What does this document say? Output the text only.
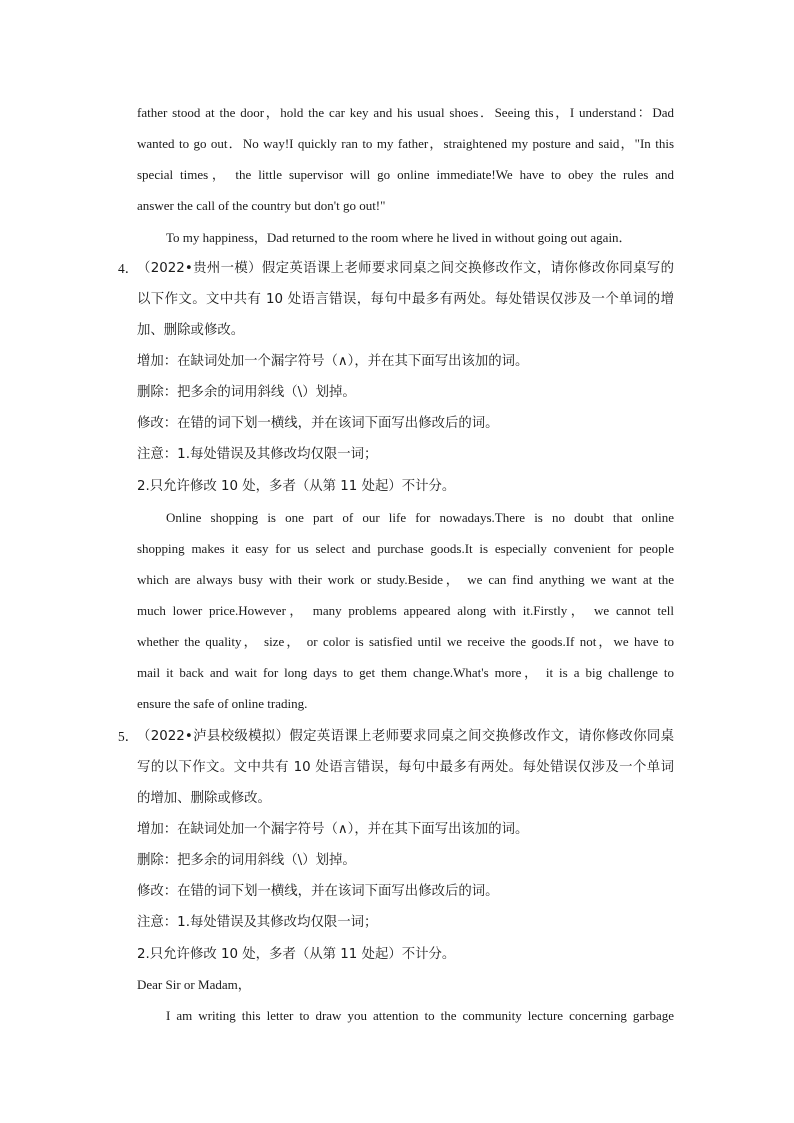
father stood at the door，hold the car key and his usual shoes．Seeing this，I understand：Dad
wanted to go out．No way!I quickly ran to my father，straightened my posture and said，"In this
special times， the little supervisor will go online immediate!We have to obey the rules and
answer the call of the country but don't go out!"
To my happiness，Dad returned to the room where he lived in without going out again．
4．
（2022•贵州一模）假定英语课上老师要求同桌之间交换修改作文，请你修改你同桌写的
以下作文。文中共有 10 处语言错误，每句中最多有两处。每处错误仅涉及一个单词的增
加、删除或修改。
增加：在缺词处加一个漏字符号（∧），并在其下面写出该加的词。
删除：把多余的词用斜线（\）划掉。
修改：在错的词下划一横线，并在该词下面写出修改后的词。
注意：1.每处错误及其修改均仅限一词；
2.只允许修改 10 处，多者（从第 11 处起）不计分。
Online shopping is one part of our life for nowadays.There is no doubt that online
shopping makes it easy for us select and purchase goods.It is especially convenient for people
which are always busy with their work or study.Beside， we can find anything we want at the
much lower price.However， many problems appeared along with it.Firstly， we cannot tell
whether the quality， size， or color is satisfied until we receive the goods.If not，we have to
mail it back and wait for long days to get them change.What's more， it is a big challenge to
ensure the safe of online trading.
5．
（2022•泸县校级模拟）假定英语课上老师要求同桌之间交换修改作文，请你修改你同桌
写的以下作文。文中共有 10 处语言错误，每句中最多有两处。每处错误仅涉及一个单词
的增加、删除或修改。
增加：在缺词处加一个漏字符号（∧），并在其下面写出该加的词。
删除：把多余的词用斜线（\）划掉。
修改：在错的词下划一横线，并在该词下面写出修改后的词。
注意：1.每处错误及其修改均仅限一词；
2.只允许修改 10 处，多者（从第 11 处起）不计分。
Dear Sir or Madam，
I am writing this letter to draw you attention to the community lecture concerning garbage
